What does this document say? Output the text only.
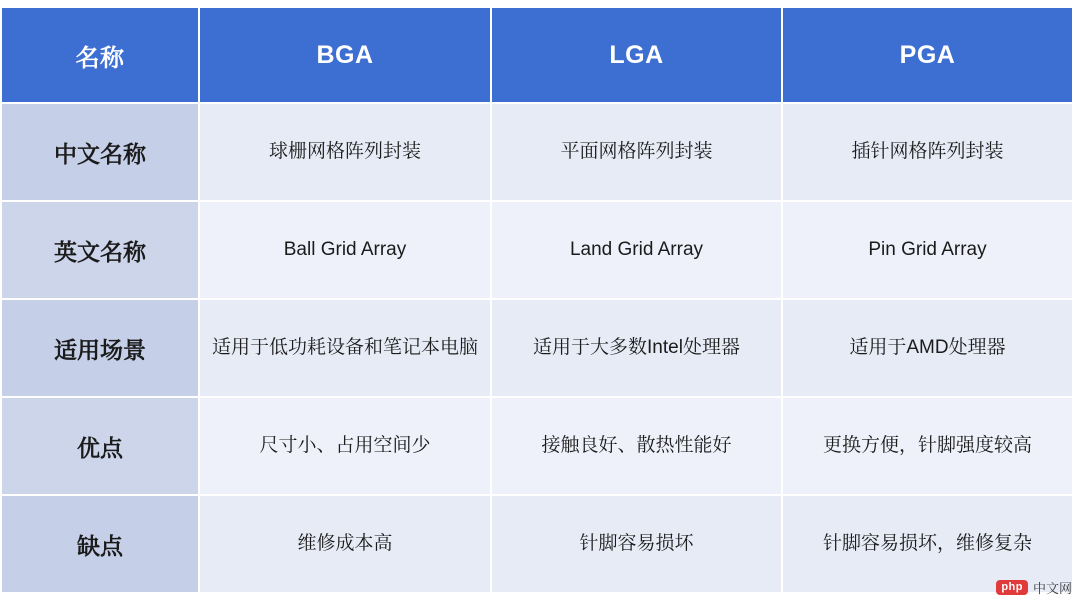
名称	BGA	LGA	PGA
中文名称	球栅网格阵列封装	平面网格阵列封装	插针网格阵列封装
英文名称	Ball Grid Array	Land Grid Array	Pin Grid Array
适用场景	适用于低功耗设备和笔记本电脑	适用于大多数Intel处理器	适用于AMD处理器
优点	尺寸小、占用空间少	接触良好、散热性能好	更换方便，针脚强度较高
缺点	维修成本高	针脚容易损坏	针脚容易损坏，维修复杂
php 中文网
